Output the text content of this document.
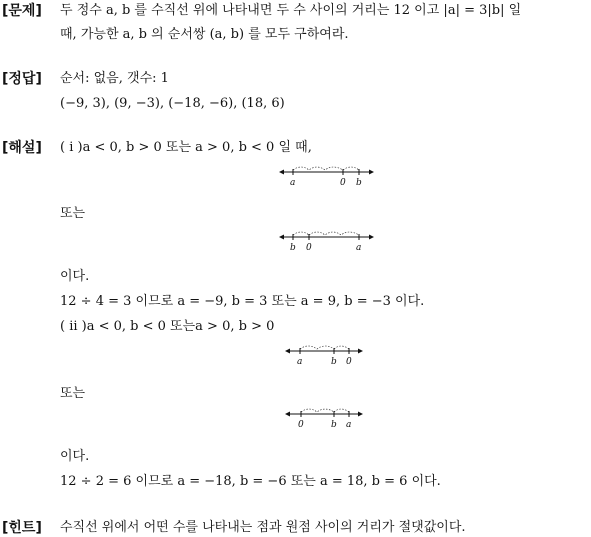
[문제]
[정답]
[해설]
[힌트]
두 정수 a, b 를 수직선 위에 나타내면 두 수 사이의 거리는 12 이고 |a| = 3|b| 일
때, 가능한 a, b 의 순서쌍 (a, b) 를 모두 구하여라.
순서: 없음, 갯수: 1
(−9, 3), (9, −3), (−18, −6), (18, 6)
( i )a < 0, b > 0 또는 a > 0, b < 0 일 때,
a	0 b
또는
b 0	a
이다.
12 ÷ 4 = 3 이므로 a = −9, b = 3 또는 a = 9, b = −3 이다.
( ii )a < 0, b < 0 또는a > 0, b > 0
a	b 0
또는
0	b a
이다.
12 ÷ 2 = 6 이므로 a = −18, b = −6 또는 a = 18, b = 6 이다.
수직선 위에서 어떤 수를 나타내는 점과 원점 사이의 거리가 절댓값이다.
